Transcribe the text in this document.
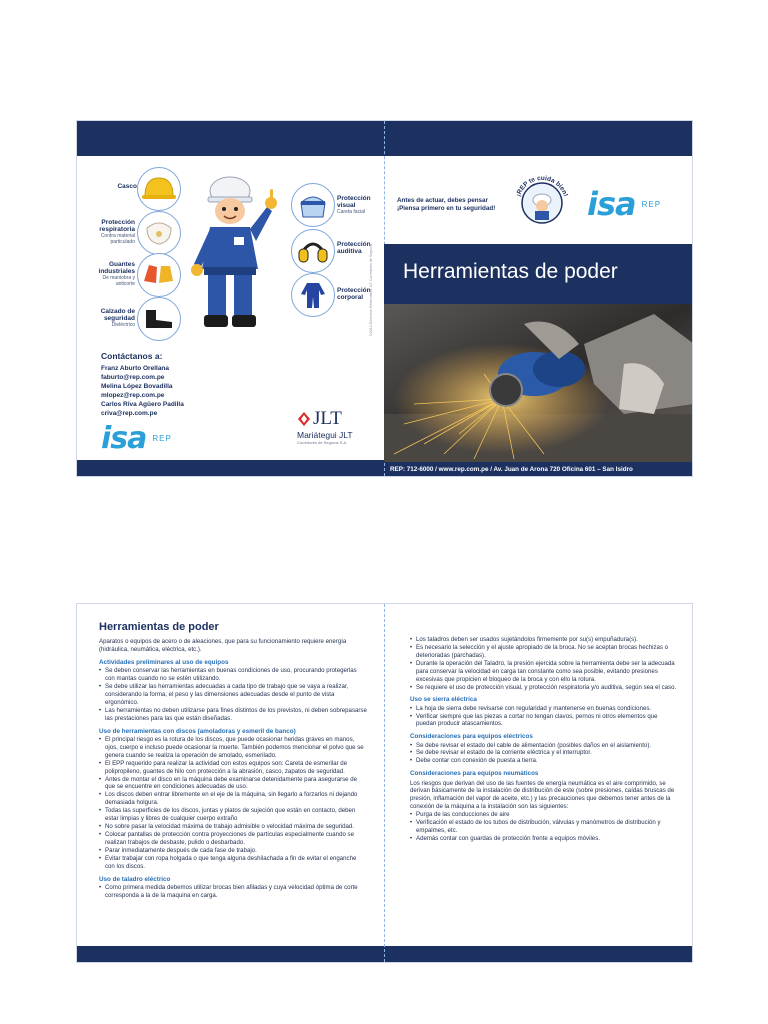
Casco
Protección respiratoria
Contra material particulado
Guantes industriales
De maniobra y anticorte
Calzado de seguridad
Dieléctrico
Protección visual
Careta facial
Protección auditiva
Protección corporal
Contáctanos a:
Franz Aburto Orellana
faburto@rep.com.pe
Melina López Bovadilla
mlopez@rep.com.pe
Carlos Riva Agüero Padilla
criva@rep.com.pe
isa REP
JLT
Mariátegui JLT
Corredores de Seguros S.A.
©2014 Derechos Reservados JLT Corredores de Seguros
Antes de actuar, debes pensar
¡Piensa primero en tu seguridad!
¡REP te cuida bien! isa REP
Herramientas de poder
REP: 712-6000 / www.rep.com.pe / Av. Juan de Arona 720 Oficina 601 – San Isidro
Herramientas de poder
Aparatos o equipos de acero o de aleaciones, que para su funcionamiento requiere energía (hidráulica, neumática, eléctrica, etc.).
Actividades preliminares al uso de equipos
• Se deben conservar las herramientas en buenas condiciones de uso, procurando protegerlas con mantas cuando no se estén utilizando.
• Se debe utilizar las herramientas adecuadas a cada tipo de trabajo que se vaya a realizar, considerando la forma, el peso y las dimensiones adecuadas desde el punto de vista ergonómico.
• Las herramientas no deben utilizarse para fines distintos de los previstos, ni deben sobrepasarse las prestaciones para las que están diseñadas.
Uso de herramientas con discos (amoladoras y esmeril de banco)
• El principal riesgo es la rotura de los discos, que puede ocasionar heridas graves en manos, ojos, cuerpo e incluso puede ocasionar la muerte. También podemos mencionar el polvo que se genera cuando se realiza la operación de amolado, esmerilado.
• El EPP requerido para realizar la actividad con estos equipos son: Careta de esmerilar de polipropileno, guantes de hilo con protección a la abrasión, casco, zapatos de seguridad.
• Antes de montar el disco en la máquina debe examinarse detenidamente para asegurarse de que se encuentre en condiciones adecuadas de uso.
• Los discos deben entrar libremente en el eje de la máquina, sin llegarlo a forzarlos ni dejando demasiada holgura.
• Todas las superficies de los discos, juntas y platos de sujeción que están en contacto, deben estar limpias y libres de cualquier cuerpo extraño
• No sobre pasar la velocidad máxima de trabajo admisible o velocidad máxima de seguridad.
• Colocar pantallas de protección contra proyecciones de partículas especialmente cuando se realizan trabajos de desbaste, pulido o desbarbado.
• Parar inmediatamente después de cada fase de trabajo.
• Evitar trabajar con ropa holgada o que tenga alguna deshilachada a fin de evitar el enganche con los discos.
Uso de taladro eléctrico
• Como primera medida debemos utilizar brocas bien afiladas y cuya velocidad óptima de corte corresponda a la de la maquina en carga.
• Los taladros deben ser usados sujetándolos firmemente por su(s) empuñadura(s).
• Es necesario la selección y el ajuste apropiado de la broca. No se aceptan brocas hechizas o deterioradas (parchadas).
• Durante la operación del Taladro, la presión ejercida sobre la herramienta debe ser la adecuada para conservar la velocidad en carga tan constante como sea posible, evitando presiones excesivas que propicien el bloqueo de la broca y con ello la rotura.
• Se requiere el uso de protección visual, y protección respiratoria y/o auditiva, según sea el caso.
Uso se sierra eléctrica
• La hoja de sierra debe revisarse con regularidad y mantenerse en buenas condiciones.
• Verificar siempre que las piezas a cortar no tengan clavos, pernos ni otros elementos que puedan producir atascamientos.
Consideraciones para equipos eléctricos
• Se debe revisar el estado del cable de alimentación (posibles daños en el aislamiento).
• Se debe revisar el estado de la corriente eléctrica y el interruptor.
• Debe contar con conexión de puesta a tierra.
Consideraciones para equipos neumáticos
Los riesgos que derivan del uso de las fuentes de energía neumática es el aire comprimido, se derivan básicamente de la instalación de distribución de este (sobre presiones, caídas bruscas de presión, inflamación del vapor de aceite, etc.) y las precauciones que debemos tener antes de la conexión de la máquina a la instalación son las siguientes:
• Purga de las conducciones de aire
• Verificación el estado de los tubos de distribución, válvulas y manómetros de distribución y empalmes, etc.
• Además contar con guardas de protección frente a equipos móviles.
